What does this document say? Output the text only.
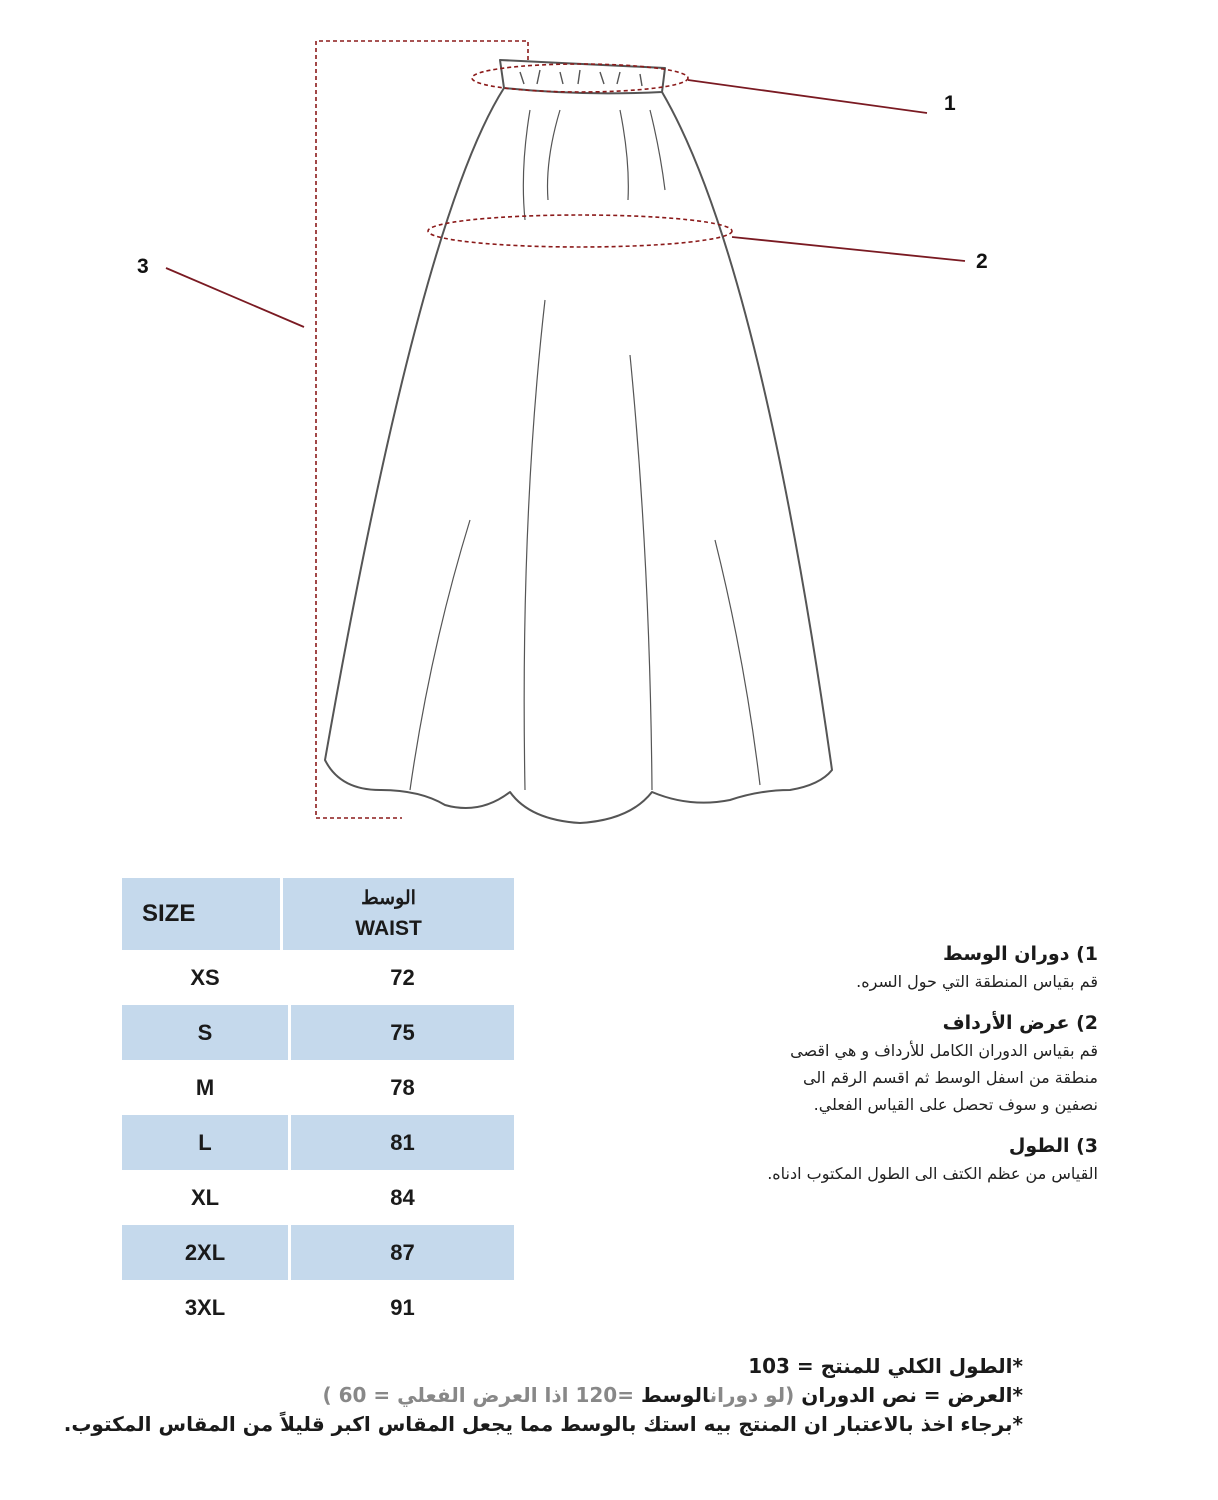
1
2
3
SIZE
الوسط
WAIST
XS	72
S	75
M	78
L	81
XL	84
2XL	87
3XL	91
1) دوران الوسط
قم بقياس المنطقة التي حول السره.
2) عرض الأرداف
قم بقياس الدوران الكامل للأرداف و هي اقصى
منطقة من اسفل الوسط ثم اقسم الرقم الى
نصفين و سوف تحصل على القياس الفعلي.
3) الطول
القياس من عظم الكتف الى الطول المكتوب ادناه.
*الطول الكلي للمنتج = 103
*العرض = نص الدوران (لو دورانالوسط =120 اذا العرض الفعلي = 60 )
*برجاء اخذ بالاعتبار ان المنتج بيه استك بالوسط مما يجعل المقاس اكبر قليلاً من المقاس المكتوب.
